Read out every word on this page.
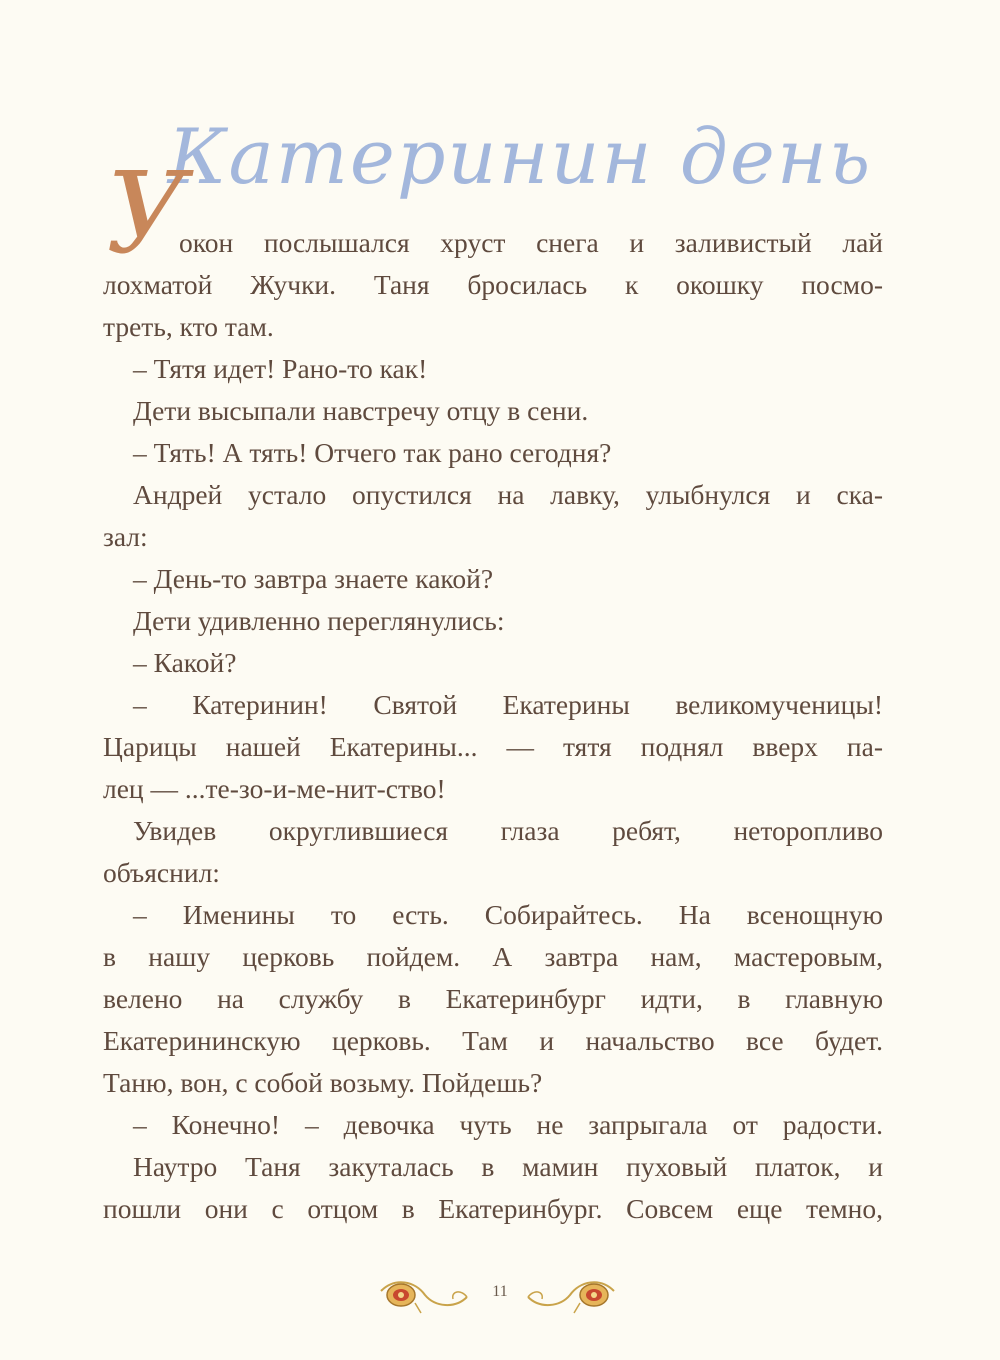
Катеринин день
У
окон послышался хруст снега и заливистый лай
лохматой Жучки. Таня бросилась к окошку посмо-
треть, кто там.
– Тятя идет! Рано-то как!
Дети высыпали навстречу отцу в сени.
– Тять! А тять! Отчего так рано сегодня?
Андрей устало опустился на лавку, улыбнулся и ска-
зал:
– День-то завтра знаете какой?
Дети удивленно переглянулись:
– Какой?
– Катеринин! Святой Екатерины великомученицы!
Царицы нашей Екатерины... — тятя поднял вверх па-
лец — ...те-зо-и-ме-нит-ство!
Увидев округлившиеся глаза ребят, неторопливо
объяснил:
– Именины то есть. Собирайтесь. На всенощную
в нашу церковь пойдем. А завтра нам, мастеровым,
велено на службу в Екатеринбург идти, в главную
Екатерининскую церковь. Там и начальство все будет.
Таню, вон, с собой возьму. Пойдешь?
– Конечно! – девочка чуть не запрыгала от радости.
Наутро Таня закуталась в мамин пуховый платок, и
пошли они с отцом в Екатеринбург. Совсем еще темно,
11
